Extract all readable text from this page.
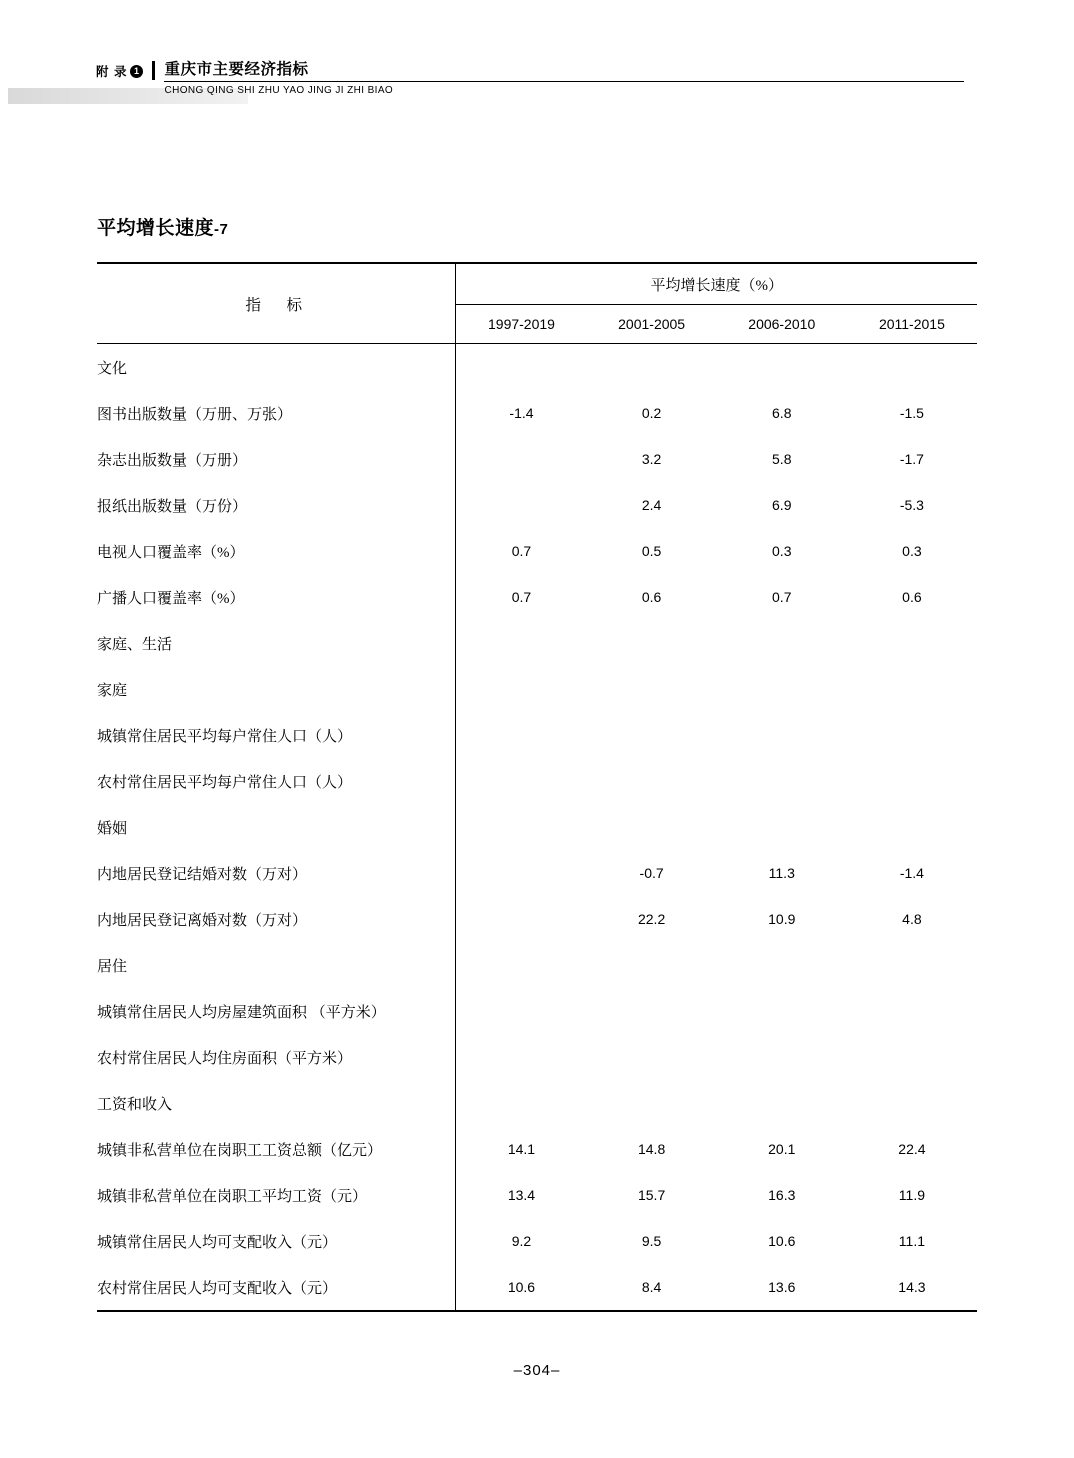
附 录 1 重庆市主要经济指标
CHONG QING SHI ZHU YAO JING JI ZHI BIAO
平均增长速度-7
指　标	平均增长速度（%）			
	1997-2019	2001-2005	2006-2010	2011-2015
文化				
图书出版数量（万册、万张）	-1.4	0.2	6.8	-1.5
杂志出版数量（万册）		3.2	5.8	-1.7
报纸出版数量（万份）		2.4	6.9	-5.3
电视人口覆盖率（%）	0.7	0.5	0.3	0.3
广播人口覆盖率（%）	0.7	0.6	0.7	0.6
家庭、生活				
家庭				
城镇常住居民平均每户常住人口（人）				
农村常住居民平均每户常住人口（人）				
婚姻				
内地居民登记结婚对数（万对）		-0.7	11.3	-1.4
内地居民登记离婚对数（万对）		22.2	10.9	4.8
居住				
城镇常住居民人均房屋建筑面积 （平方米）				
农村常住居民人均住房面积（平方米）				
工资和收入				
城镇非私营单位在岗职工工资总额（亿元）	14.1	14.8	20.1	22.4
城镇非私营单位在岗职工平均工资（元）	13.4	15.7	16.3	11.9
城镇常住居民人均可支配收入（元）	9.2	9.5	10.6	11.1
农村常住居民人均可支配收入（元）	10.6	8.4	13.6	14.3
–304–
